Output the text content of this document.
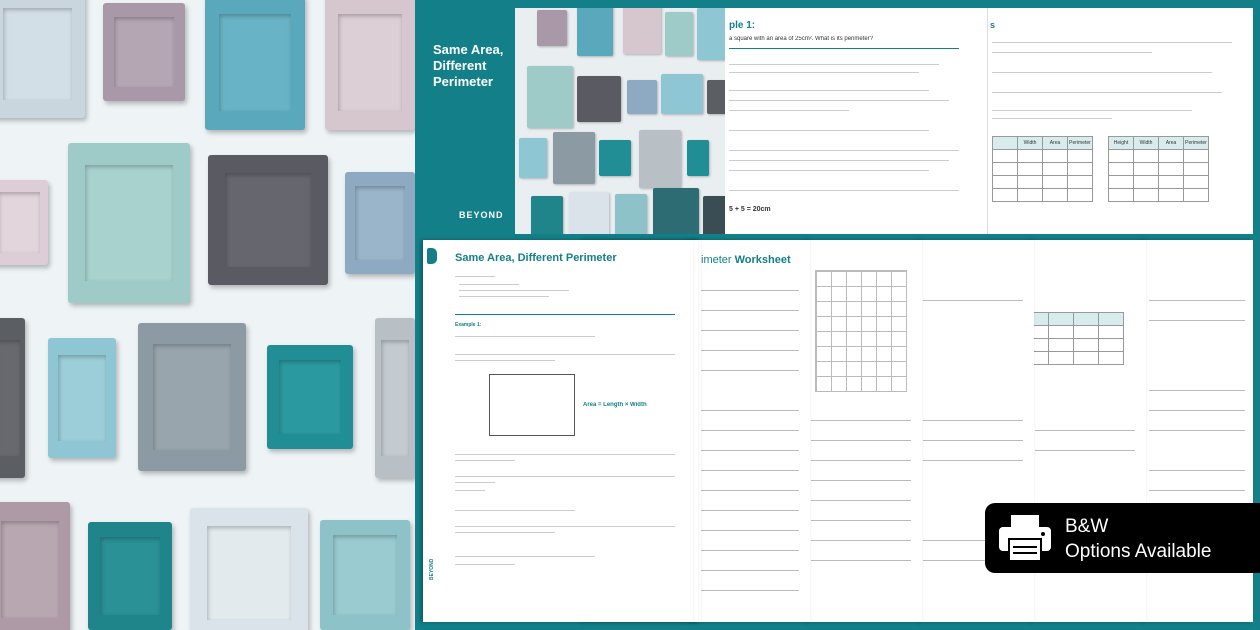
Same Area, Different Perimeter
BEYOND
ple 1:
a square with an area of 25cm². What is its perimeter?
5 + 5 = 20cm
s
	Width	Area	Perimeter

				Height	Width	Area	Perimeter

imeter Worksheet
Same Area, Different Perimeter
Example 1:
Area = Length × Width
BEYOND
B&W
Options Available
